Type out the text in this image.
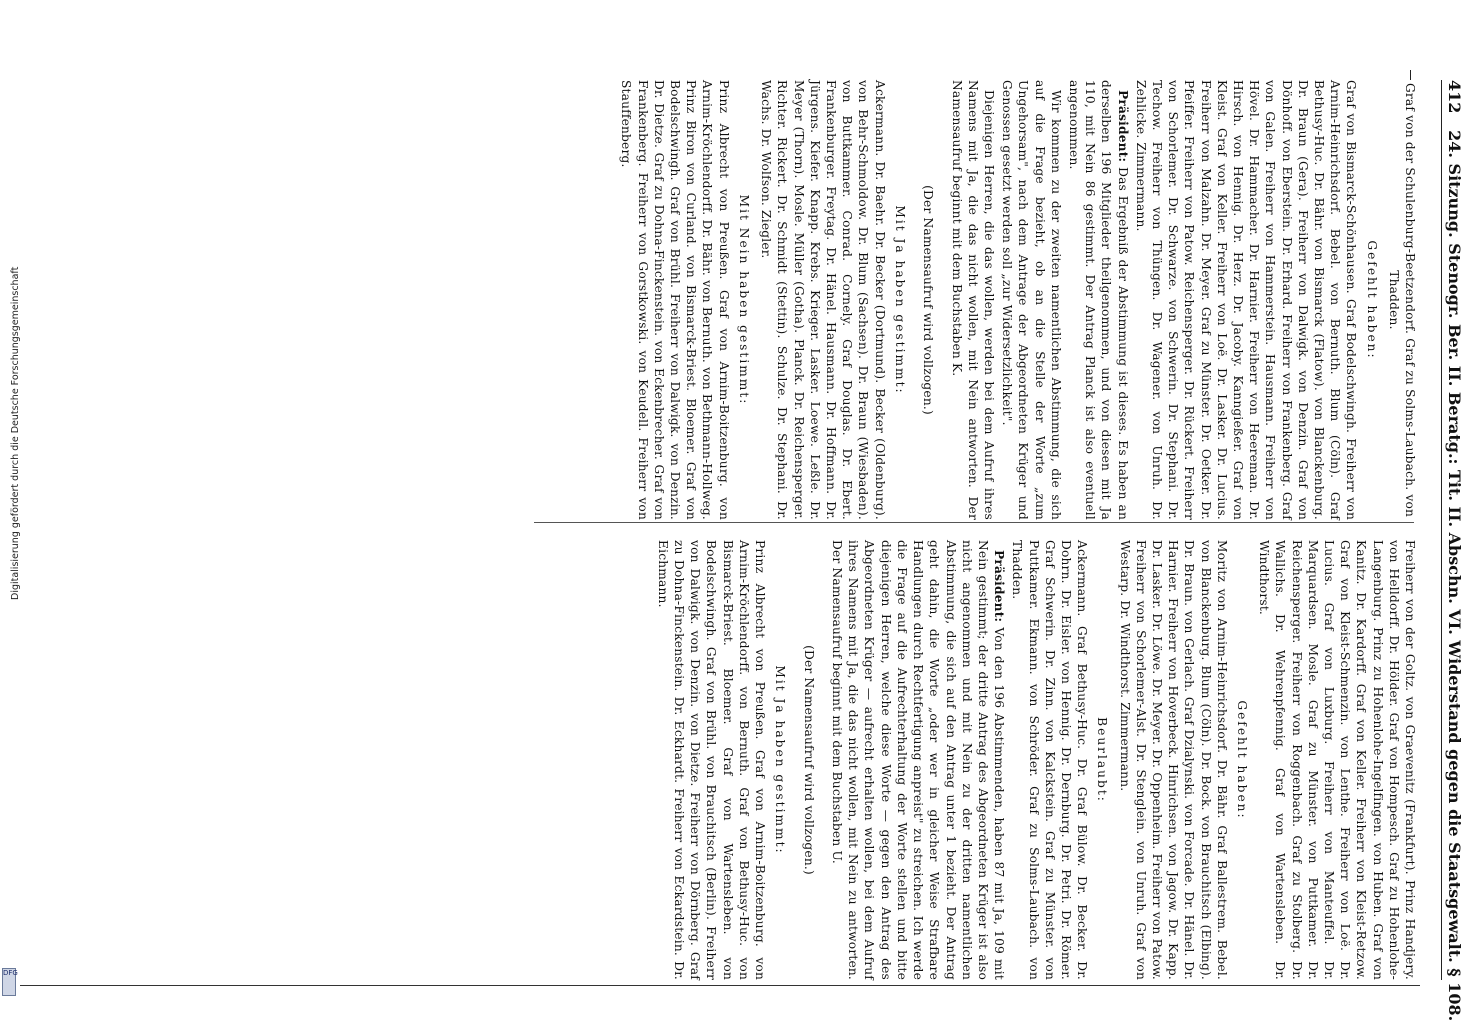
412   24. Sitzung. Stenogr. Ber. II. Beratg.: Tit. II. Abschn. VI. Widerstand gegen die Staatsgewalt. § 108.

Graf von der Schulenburg-Beetzendorf. Graf zu Solms-Laubach. von Thadden.

Gefehlt haben:

Graf von Bismarck-Schönhausen. Graf Bodelschwingh. Freiherr von Arnim-Heinrichsdorf. Bebel. von Bernuth. Blum (Cöln). Graf Bethusy-Huc. Dr. Bähr. von Bismarck (Flatow). von Blanckenburg. Dr. Braun (Gera). Freiherr von Dalwigk. von Denzin. Graf von Dönhoff. von Eberstein. Dr. Erhard. Freiherr von Frankenberg. Graf von Galen. Freiherr von Hammerstein. Hausmann. Freiherr von Hövel. Dr. Hammacher. Dr. Harnier. Freiherr von Heereman. Dr. Hirsch. von Hennig. Dr. Herz. Dr. Jacoby. Kanngießer. Graf von Kleist. Graf von Keller. Freiherr von Loë. Dr. Lasker. Dr. Lucius. Freiherr von Malzahn. Dr. Meyer. Graf zu Münster. Dr. Oetker. Dr. Pfeiffer. Freiherr von Patow. Reichensperger. Dr. Rückert. Freiherr von Schorlemer. Dr. Schwarze. von Schwerin. Dr. Stephani. Dr. Techow. Freiherr von Thüngen. Dr. Wagener. von Unruh. Dr. Zehlicke. Zimmermann.

Präsident: Das Ergebniß der Abstimmung ist dieses. Es haben an derselben 196 Mitglieder theilgenommen, und von diesen mit Ja 110, mit Nein 86 gestimmt. Der Antrag Planck ist also eventuell angenommen.

Wir kommen zu der zweiten namentlichen Abstimmung, die sich auf die Frage bezieht, ob an die Stelle der Worte „zum Ungehorsam", nach dem Antrage der Abgeordneten Krüger und Genossen gesetzt werden soll „zur Widersetzlichkeit".

Diejenigen Herren, die das wollen, werden bei dem Aufruf ihres Namens mit Ja, die das nicht wollen, mit Nein antworten. Der Namensaufruf beginnt mit dem Buchstaben K.

(Der Namensaufruf wird vollzogen.)

Mit Ja haben gestimmt:

Ackermann. Dr. Baehr. Dr. Becker (Dortmund). Becker (Oldenburg). von Behr-Schmoldow. Dr. Blum (Sachsen). Dr. Braun (Wiesbaden). von Buttkammer. Conrad. Cornely. Graf Douglas. Dr. Ebert. Frankenburger. Freytag. Dr. Hänel. Hausmann. Dr. Hoffmann. Dr. Jürgens. Kiefer. Knapp. Krebs. Krieger. Lasker. Loewe. Leßle. Dr. Meyer (Thorn). Mosle. Müller (Gotha). Planck. Dr. Reichensperger. Richter. Rickert. Dr. Schmidt (Stettin). Schulze. Dr. Stephani. Dr. Wachs. Dr. Wolfson. Ziegler.

Mit Nein haben gestimmt:

Prinz Albrecht von Preußen. Graf von Arnim-Boitzenburg. von Arnim-Kröchlendorff. Dr. Bähr. von Bernuth. von Bethmann-Hollweg. Prinz Biron von Curland. von Bismarck-Briest. Bloemer. Graf von Bodelschwingh. Graf von Brühl. Freiherr von Dalwigk. von Denzin. Dr. Dietze. Graf zu Dohna-Finckenstein. von Eckenbrecher. Graf von Frankenberg. Freiherr von Gorstkowski. von Keudell. Freiherr von Stauffenberg.

Freiherr von der Goltz. von Graevenitz (Frankfurt). Prinz Handjery. von Helldorff. Dr. Hölder. Graf von Hompesch. Graf zu Hohenlohe-Langenburg. Prinz zu Hohenlohe-Ingelfingen. von Huben. Graf von Kanitz. Dr. Kardorff. Graf von Keller. Freiherr von Kleist-Retzow. Graf von Kleist-Schmenzin. von Lenthe. Freiherr von Loë. Dr. Lucius. Graf von Luxburg. Freiherr von Manteuffel. Dr. Marquardsen. Mosle. Graf zu Münster. von Puttkamer. Dr. Reichensperger. Freiherr von Roggenbach. Graf zu Stolberg. Dr. Wallichs. Dr. Wehrenpfennig. Graf von Wartensleben. Dr. Windthorst.

Gefehlt haben:

Moritz von Arnim-Heinrichsdorf. Dr. Bähr. Graf Ballestrem. Bebel. von Blanckenburg. Blum (Cöln). Dr. Bock. von Brauchitsch (Elbing). Dr. Braun. von Gerlach. Graf Dzialynski. von Forcade. Dr. Hänel. Dr. Harnier. Freiherr von Hoverbeck. Hinrichsen. von Jagow. Dr. Kapp. Dr. Lasker. Dr. Löwe. Dr. Meyer. Dr. Oppenheim. Freiherr von Patow. Freiherr von Schorlemer-Alst. Dr. Stenglein. von Unruh. Graf von Westarp. Dr. Windthorst. Zimmermann.

Beurlaubt:

Ackermann. Graf Bethusy-Huc. Dr. Graf Bülow. Dr. Becker. Dr. Dohrn. Dr. Eisler. von Hennig. Dr. Dernburg. Dr. Petri. Dr. Römer. Graf Schwerin. Dr. Zinn. von Kalckstein. Graf zu Münster. von Puttkamer. Ekmann. von Schröder. Graf zu Solms-Laubach. von Thadden.

Präsident: Von den 196 Abstimmenden, haben 87 mit Ja, 109 mit Nein gestimmt; der dritte Antrag des Abgeordneten Krüger ist also nicht angenommen und mit Nein zu der dritten namentlichen Abstimmung, die sich auf den Antrag unter 1 bezieht. Der Antrag geht dahin, die Worte „oder wer in gleicher Weise Strafbare Handlungen durch Rechtfertigung anpreist" zu streichen. Ich werde die Frage auf die Aufrechterhaltung der Worte stellen und bitte diejenigen Herren, welche diese Worte — gegen den Antrag des Abgeordneten Krüger — aufrecht erhalten wollen, bei dem Aufruf ihres Namens mit Ja, die das nicht wollen, mit Nein zu antworten. Der Namensaufruf beginnt mit dem Buchstaben U.

(Der Namensaufruf wird vollzogen.)

Mit Ja haben gestimmt:

Prinz Albrecht von Preußen. Graf von Arnim-Boitzenburg. von Arnim-Kröchlendorff. von Bernuth. Graf von Bethusy-Huc. von Bismarck-Briest. Bloemer. Graf von Wartensleben. von Bodelschwingh. Graf von Brühl. von Brauchitsch (Berlin). Freiherr von Dalwigk. von Denzin. von Dietze. Freiherr von Dörnberg. Graf zu Dohna-Finckenstein. Dr. Eckhardt. Freiherr von Eckardstein. Dr. Eichmann.

Digitalisierung gefördert durch die Deutsche Forschungsgemeinschaft
DFG
